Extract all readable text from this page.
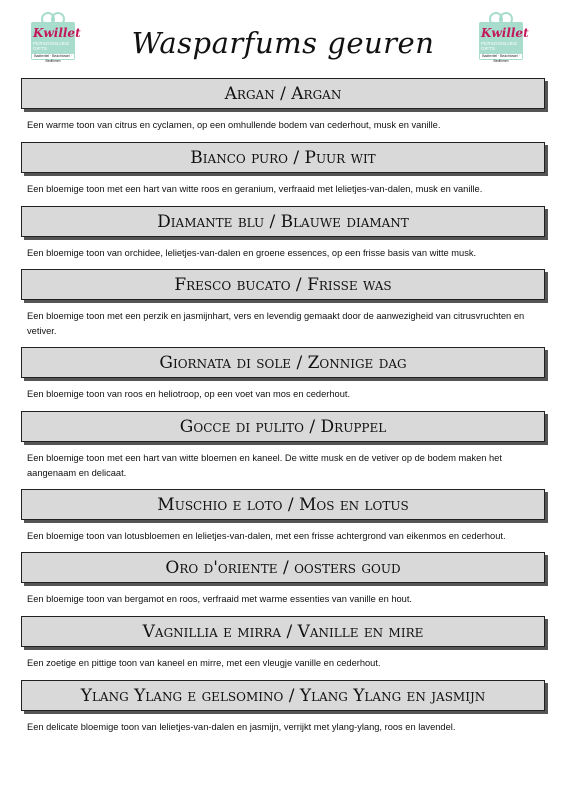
Kwillet
PERSOONLIJKE GIFTS
Badtextiel · Beachtowel · Bedlinnen
Kwillet
PERSOONLIJKE GIFTS
Badtextiel · Beachtowel · Bedlinnen
Wasparfums geuren
Argan / Argan
Een warme toon van citrus en cyclamen, op een omhullende bodem van cederhout, musk en vanille.
Bianco puro / Puur wit
Een bloemige toon met een hart van witte roos en geranium, verfraaid met lelietjes-van-dalen, musk en vanille.
Diamante blu / Blauwe diamant
Een bloemige toon van orchidee, lelietjes-van-dalen en groene essences, op een frisse basis van witte musk.
Fresco bucato / Frisse was
Een bloemige toon met een perzik en jasmijnhart, vers en levendig gemaakt door de aanwezigheid van citrusvruchten en vetiver.
Giornata di sole / Zonnige dag
Een bloemige toon van roos en heliotroop, op een voet van mos en cederhout.
Gocce di pulito / Druppel
Een bloemige toon met een hart van witte bloemen en kaneel. De witte musk en de vetiver op de bodem maken het aangenaam en delicaat.
Muschio e loto / Mos en lotus
Een bloemige toon van lotusbloemen en lelietjes-van-dalen, met een frisse achtergrond van eikenmos en cederhout.
Oro d'oriente / oosters goud
Een bloemige toon van bergamot en roos, verfraaid met warme essenties van vanille en hout.
Vagnillia e mirra / Vanille en mire
Een zoetige en pittige toon van kaneel en mirre, met een vleugje vanille en cederhout.
Ylang Ylang e gelsomino / Ylang Ylang en jasmijn
Een delicate bloemige toon van lelietjes-van-dalen en jasmijn, verrijkt met ylang-ylang, roos en lavendel.
